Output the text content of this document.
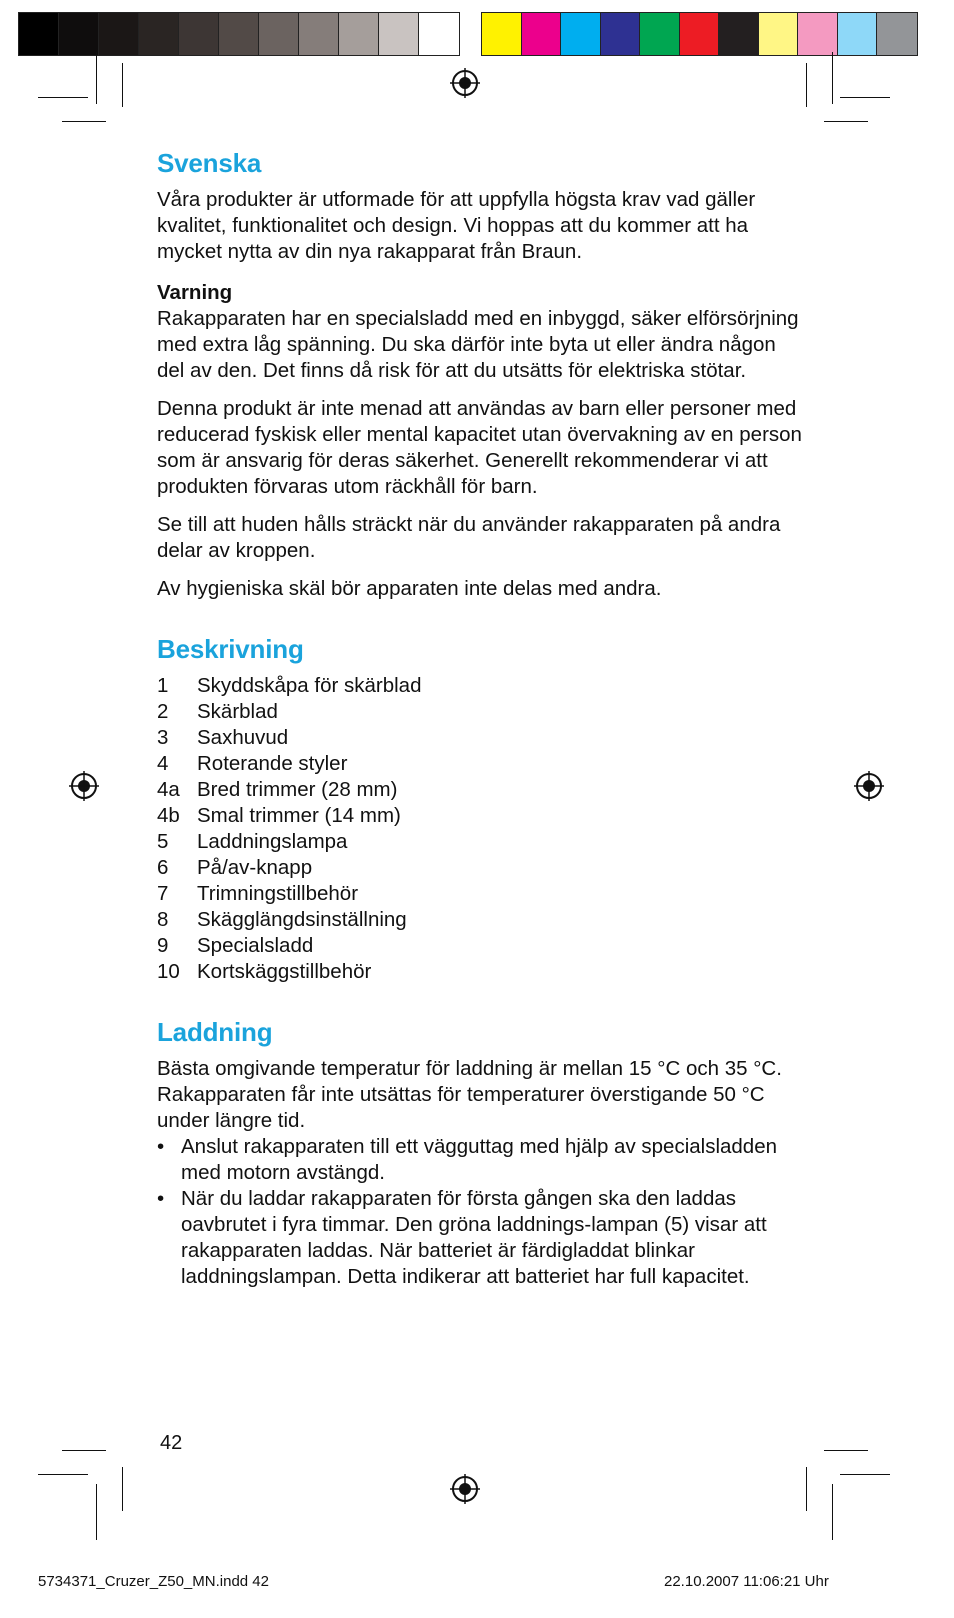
Svenska

Våra produkter är utformade för att uppfylla högsta krav vad gäller kvalitet, funktionalitet och design. Vi hoppas att du kommer att ha mycket nytta av din nya rakapparat från Braun.

Varning

Rakapparaten har en specialsladd med en inbyggd, säker elförsörjning med extra låg spänning. Du ska därför inte byta ut eller ändra någon del av den. Det finns då risk för att du utsätts för elektriska stötar.

Denna produkt är inte menad att användas av barn eller personer med reducerad fyskisk eller mental kapacitet utan övervakning av en person som är ansvarig för deras säkerhet. Generellt rekommenderar vi att produkten förvaras utom räckhåll för barn.

Se till att huden hålls sträckt när du använder rakapparaten på andra delar av kroppen.

Av hygieniska skäl bör apparaten inte delas med andra.

Beskrivning
1	Skyddskåpa för skärblad
2	Skärblad
3	Saxhuvud
4	Roterande styler
4a Bred trimmer (28 mm)
4b Smal trimmer (14 mm)
5	Laddningslampa
6	På/av-knapp
7	Trimningstillbehör
8	Skägglängdsinställning
9	Specialsladd
10 Kortskäggstillbehör
Laddning

Bästa omgivande temperatur för laddning är mellan 15 °C och 35 °C. Rakapparaten får inte utsättas för temperaturer överstigande 50 °C under längre tid.

• Anslut rakapparaten till ett vägguttag med hjälp av specialsladden med motorn avstängd.
• När du laddar rakapparaten för första gången ska den laddas oavbrutet i fyra timmar. Den gröna laddnings-lampan (5) visar att rakapparaten laddas. När batteriet är färdigladdat blinkar laddningslampan. Detta indikerar att batteriet har full kapacitet.
42
5734371_Cruzer_Z50_MN.indd 42	22.10.2007 11:06:21 Uhr
